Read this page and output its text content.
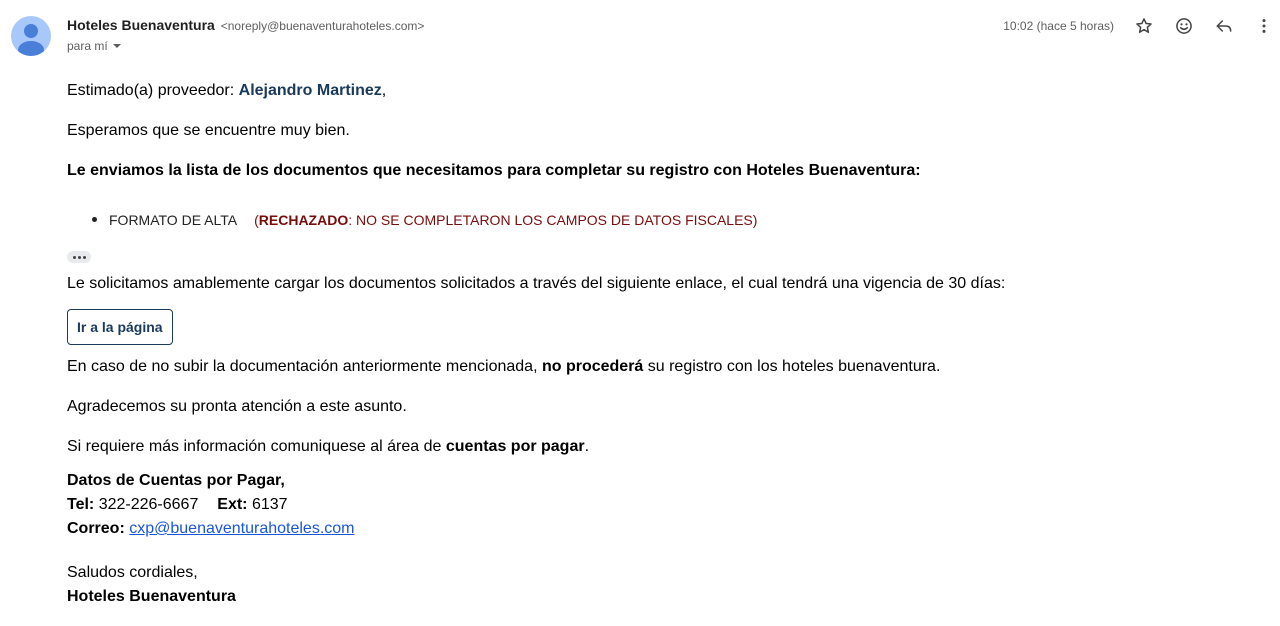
Hoteles Buenaventura <noreply@buenaventurahoteles.com>
para mí
10:02 (hace 5 horas)
Estimado(a) proveedor: Alejandro Martinez,
Esperamos que se encuentre muy bien.
Le enviamos la lista de los documentos que necesitamos para completar su registro con Hoteles Buenaventura:
FORMATO DE ALTA (RECHAZADO: NO SE COMPLETARON LOS CAMPOS DE DATOS FISCALES)
Le solicitamos amablemente cargar los documentos solicitados a través del siguiente enlace, el cual tendrá una vigencia de 30 días:
Ir a la página
En caso de no subir la documentación anteriormente mencionada, no procederá su registro con los hoteles buenaventura.
Agradecemos su pronta atención a este asunto.
Si requiere más información comuniquese al área de cuentas por pagar.
Datos de Cuentas por Pagar,
Tel: 322-226-6667 Ext: 6137
Correo: cxp@buenaventurahoteles.com
Saludos cordiales,
Hoteles Buenaventura
